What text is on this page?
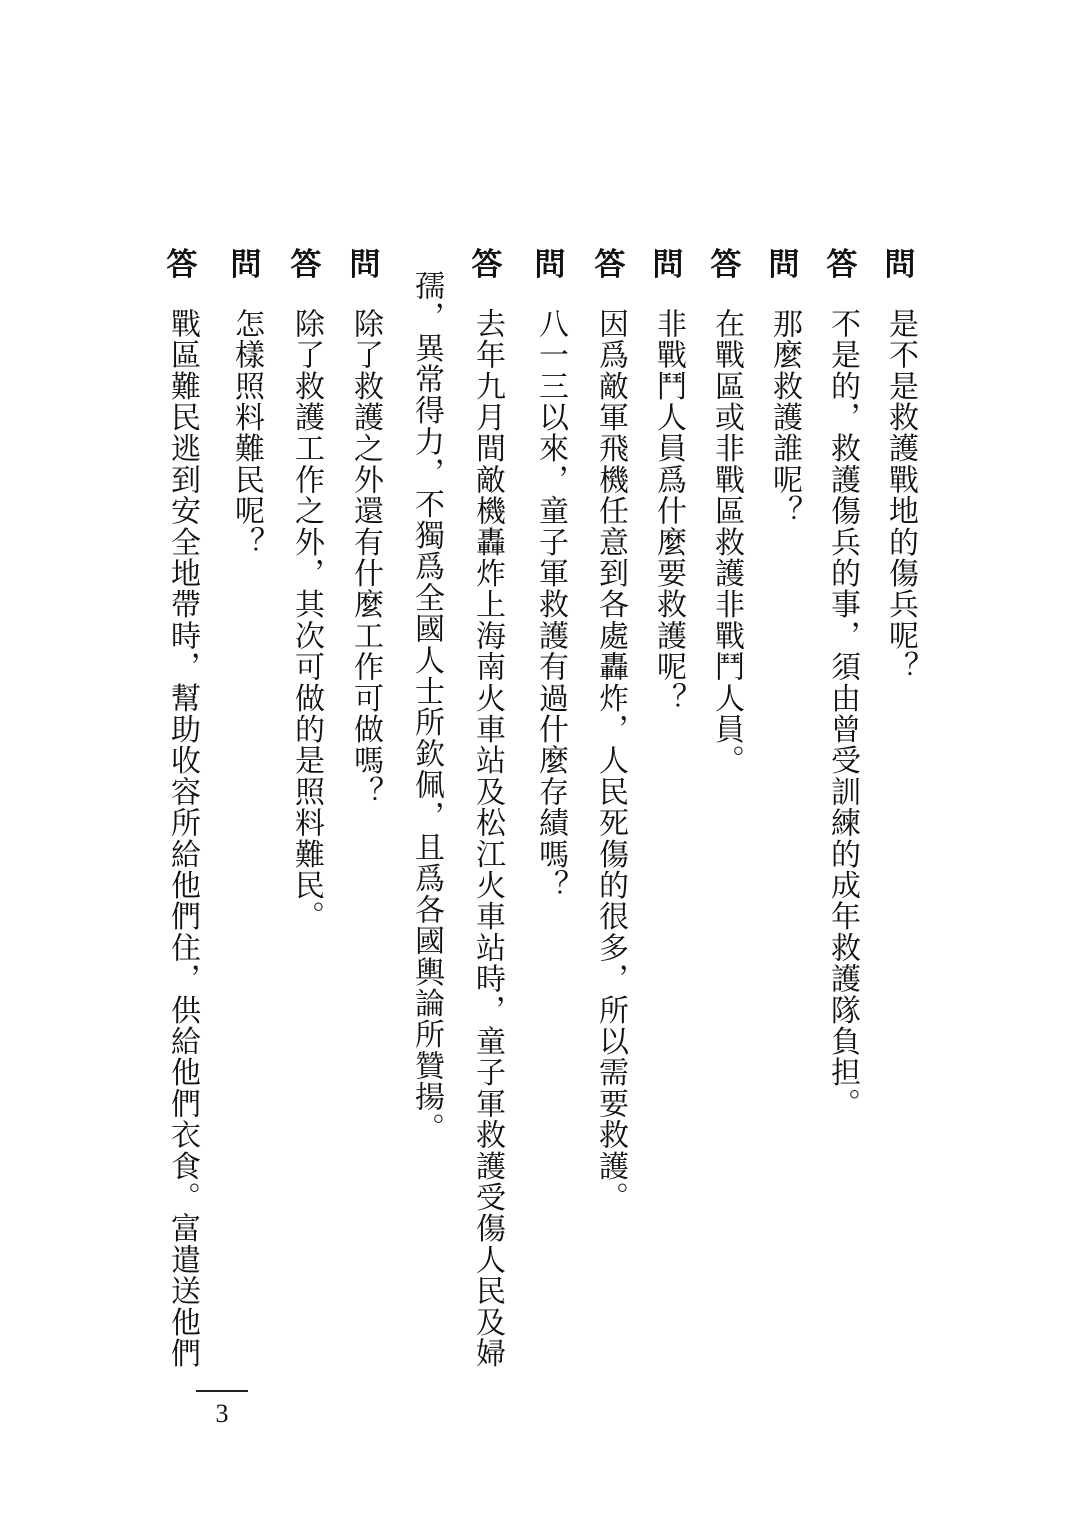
問
是不是救護戰地的傷兵呢？
答
不是的，救護傷兵的事，須由曾受訓練的成年救護隊負担。
問
那麼救護誰呢？
答
在戰區或非戰區救護非戰鬥人員。
問
非戰鬥人員爲什麼要救護呢？
答
因爲敵軍飛機任意到各處轟炸，人民死傷的很多，所以需要救護。
問
八一三以來，童子軍救護有過什麼存績嗎？
答
去年九月間敵機轟炸上海南火車站及松江火車站時，童子軍救護受傷人民及婦
孺，異常得力，不獨爲全國人士所欽佩，且爲各國輿論所贊揚。
問
除了救護之外還有什麼工作可做嗎？
答
除了救護工作之外，其次可做的是照料難民。
問
怎樣照料難民呢？
答
戰區難民逃到安全地帶時，幫助收容所給他們住，供給他們衣食。富遣送他們
3
